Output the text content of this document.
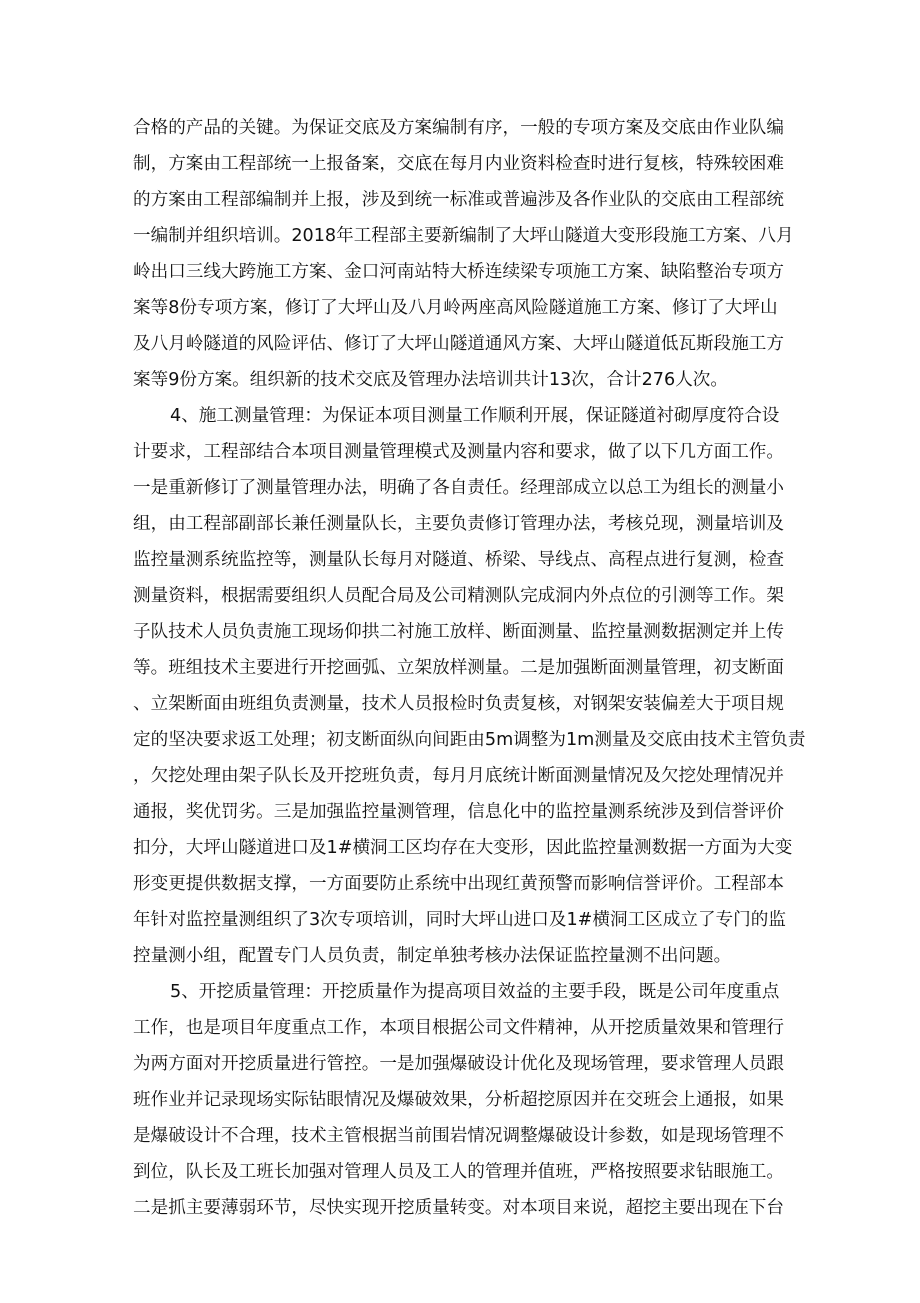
合格的产品的关键。为保证交底及方案编制有序，一般的专项方案及交底由作业队编
制，方案由工程部统一上报备案，交底在每月内业资料检查时进行复核，特殊较困难
的方案由工程部编制并上报，涉及到统一标准或普遍涉及各作业队的交底由工程部统
一编制并组织培训。2018年工程部主要新编制了大坪山隧道大变形段施工方案、八月
岭出口三线大跨施工方案、金口河南站特大桥连续梁专项施工方案、缺陷整治专项方
案等8份专项方案，修订了大坪山及八月岭两座高风险隧道施工方案、修订了大坪山
及八月岭隧道的风险评估、修订了大坪山隧道通风方案、大坪山隧道低瓦斯段施工方
案等9份方案。组织新的技术交底及管理办法培训共计13次，合计276人次。
4、施工测量管理：为保证本项目测量工作顺利开展，保证隧道衬砌厚度符合设
计要求，工程部结合本项目测量管理模式及测量内容和要求，做了以下几方面工作。
一是重新修订了测量管理办法，明确了各自责任。经理部成立以总工为组长的测量小
组，由工程部副部长兼任测量队长，主要负责修订管理办法，考核兑现，测量培训及
监控量测系统监控等，测量队长每月对隧道、桥梁、导线点、高程点进行复测，检查
测量资料，根据需要组织人员配合局及公司精测队完成洞内外点位的引测等工作。架
子队技术人员负责施工现场仰拱二衬施工放样、断面测量、监控量测数据测定并上传
等。班组技术主要进行开挖画弧、立架放样测量。二是加强断面测量管理，初支断面
、立架断面由班组负责测量，技术人员报检时负责复核，对钢架安装偏差大于项目规
定的坚决要求返工处理；初支断面纵向间距由5m调整为1m测量及交底由技术主管负责
，欠挖处理由架子队长及开挖班负责，每月月底统计断面测量情况及欠挖处理情况并
通报，奖优罚劣。三是加强监控量测管理，信息化中的监控量测系统涉及到信誉评价
扣分，大坪山隧道进口及1#横洞工区均存在大变形，因此监控量测数据一方面为大变
形变更提供数据支撑，一方面要防止系统中出现红黄预警而影响信誉评价。工程部本
年针对监控量测组织了3次专项培训，同时大坪山进口及1#横洞工区成立了专门的监
控量测小组，配置专门人员负责，制定单独考核办法保证监控量测不出问题。
5、开挖质量管理：开挖质量作为提高项目效益的主要手段，既是公司年度重点
工作，也是项目年度重点工作，本项目根据公司文件精神，从开挖质量效果和管理行
为两方面对开挖质量进行管控。一是加强爆破设计优化及现场管理，要求管理人员跟
班作业并记录现场实际钻眼情况及爆破效果，分析超挖原因并在交班会上通报，如果
是爆破设计不合理，技术主管根据当前围岩情况调整爆破设计参数，如是现场管理不
到位，队长及工班长加强对管理人员及工人的管理并值班，严格按照要求钻眼施工。
二是抓主要薄弱环节，尽快实现开挖质量转变。对本项目来说，超挖主要出现在下台
